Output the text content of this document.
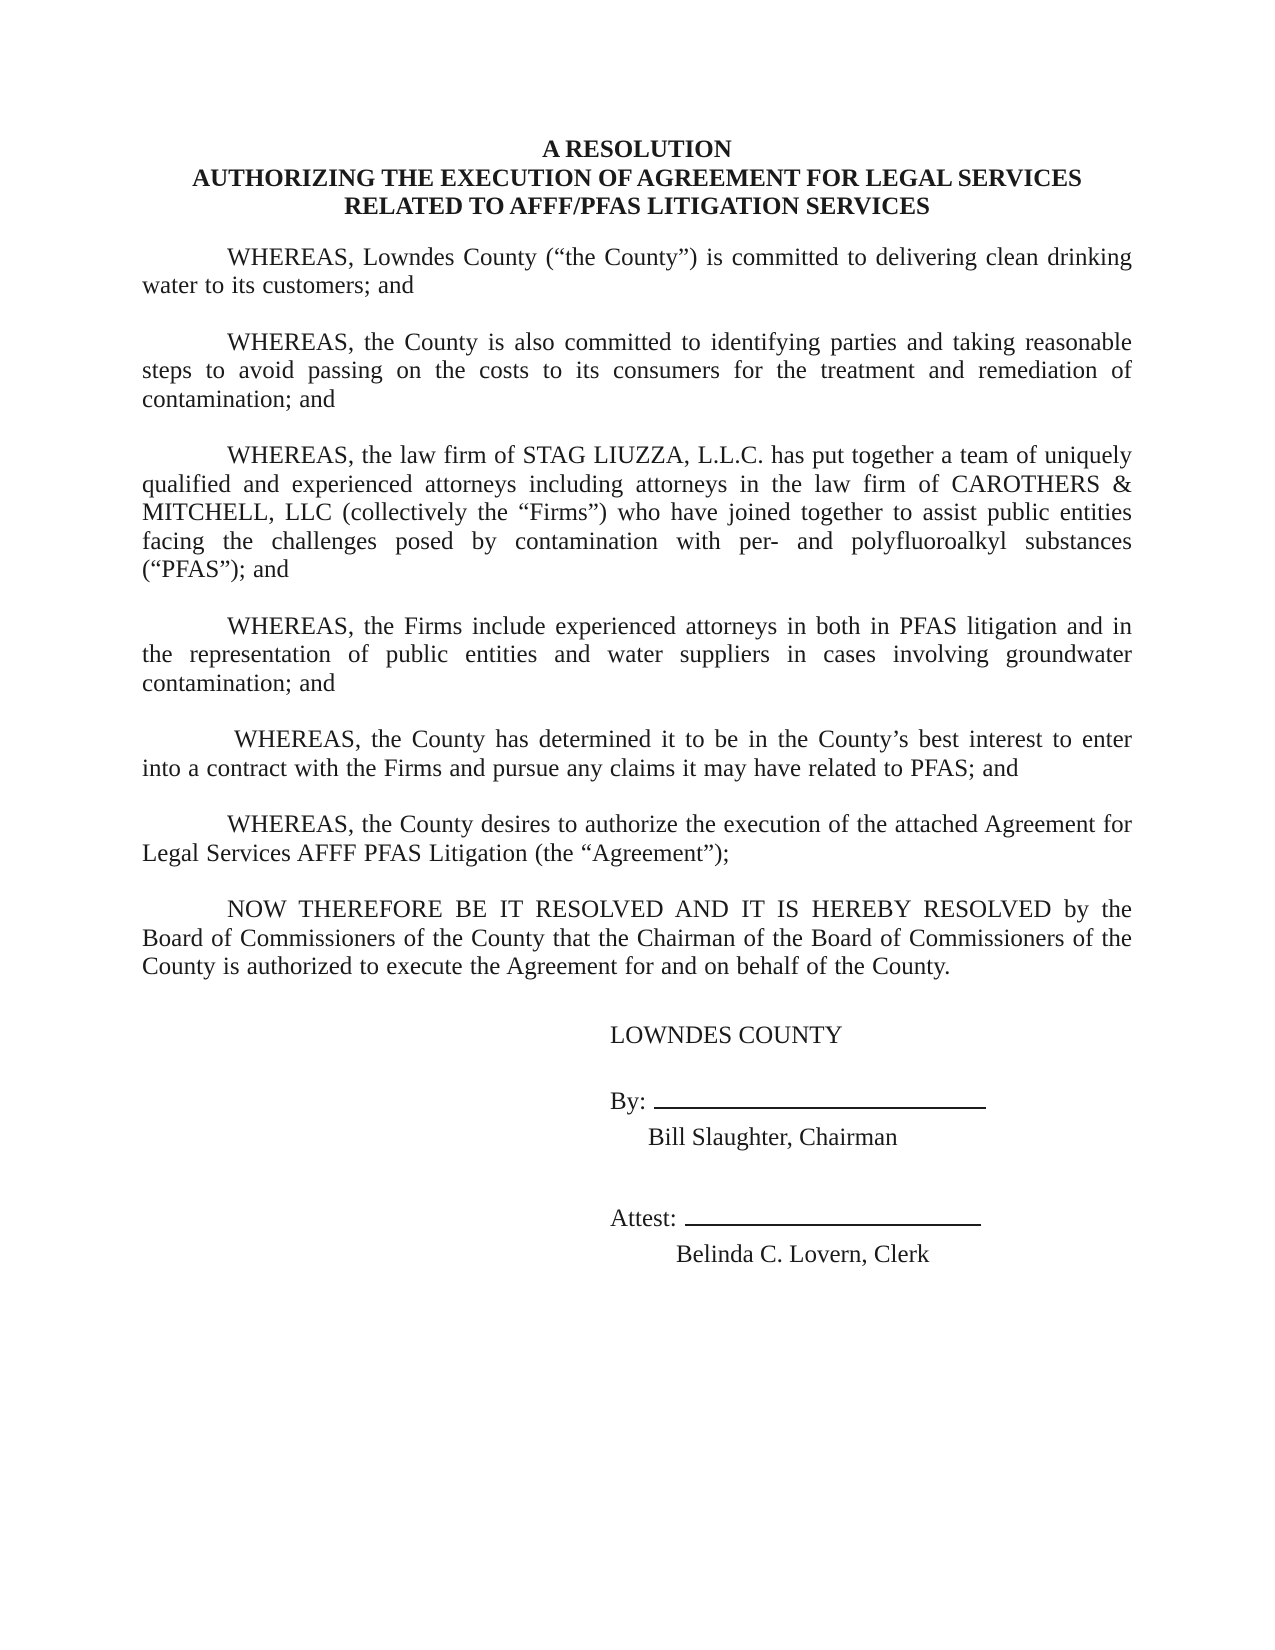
A RESOLUTION
AUTHORIZING THE EXECUTION OF AGREEMENT FOR LEGAL SERVICES
RELATED TO AFFF/PFAS LITIGATION SERVICES

WHEREAS, Lowndes County (“the County”) is committed to delivering clean drinking water to its customers; and

WHEREAS, the County is also committed to identifying parties and taking reasonable steps to avoid passing on the costs to its consumers for the treatment and remediation of contamination; and

WHEREAS, the law firm of STAG LIUZZA, L.L.C. has put together a team of uniquely qualified and experienced attorneys including attorneys in the law firm of CAROTHERS & MITCHELL, LLC (collectively the “Firms”) who have joined together to assist public entities facing the challenges posed by contamination with per- and polyfluoroalkyl substances (“PFAS”); and

WHEREAS, the Firms include experienced attorneys in both in PFAS litigation and in the representation of public entities and water suppliers in cases involving groundwater contamination; and

WHEREAS, the County has determined it to be in the County’s best interest to enter into a contract with the Firms and pursue any claims it may have related to PFAS; and

WHEREAS, the County desires to authorize the execution of the attached Agreement for Legal Services AFFF PFAS Litigation (the “Agreement”);

NOW THEREFORE BE IT RESOLVED AND IT IS HEREBY RESOLVED by the Board of Commissioners of the County that the Chairman of the Board of Commissioners of the County is authorized to execute the Agreement for and on behalf of the County.

LOWNDES COUNTY
By:
Bill Slaughter, Chairman
Attest:
Belinda C. Lovern, Clerk
